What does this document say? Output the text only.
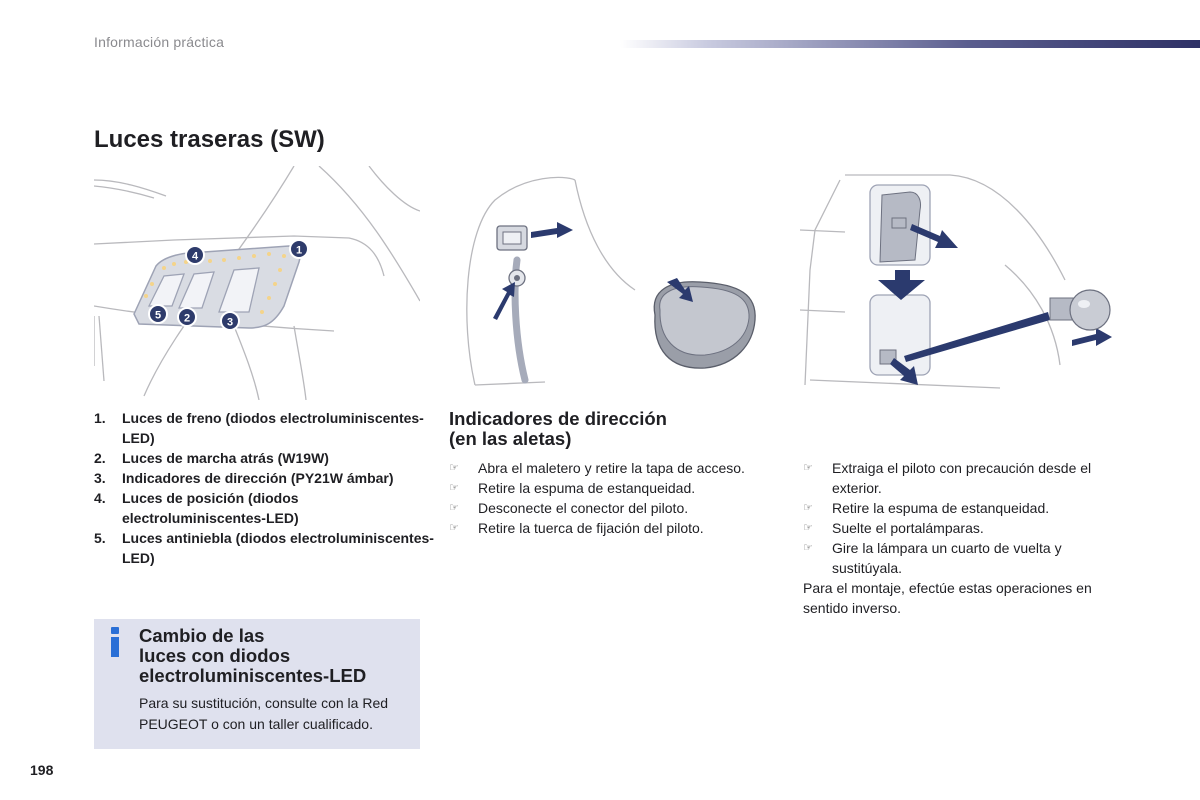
Información práctica
Luces traseras (SW)
1
2	3
4
5
1. Luces de freno (diodos electroluminiscentes-LED)
2. Luces de marcha atrás (W19W)
3. Indicadores de dirección (PY21W ámbar)
4. Luces de posición (diodos electroluminiscentes-LED)
5. Luces antiniebla (diodos electroluminiscentes-LED)
Indicadores de dirección
(en las aletas)
☞ Abra el maletero y retire la tapa de acceso.
☞ Retire la espuma de estanqueidad.
☞ Desconecte el conector del piloto.
☞ Retire la tuerca de fijación del piloto.
☞ Extraiga el piloto con precaución desde el exterior.
☞ Retire la espuma de estanqueidad.
☞ Suelte el portalámparas.
☞ Gire la lámpara un cuarto de vuelta y sustitúyala.

Para el montaje, efectúe estas operaciones en sentido inverso.

Cambio de las
luces con diodos
electroluminiscentes-LED

Para su sustitución, consulte con la Red PEUGEOT o con un taller cualificado.

198
